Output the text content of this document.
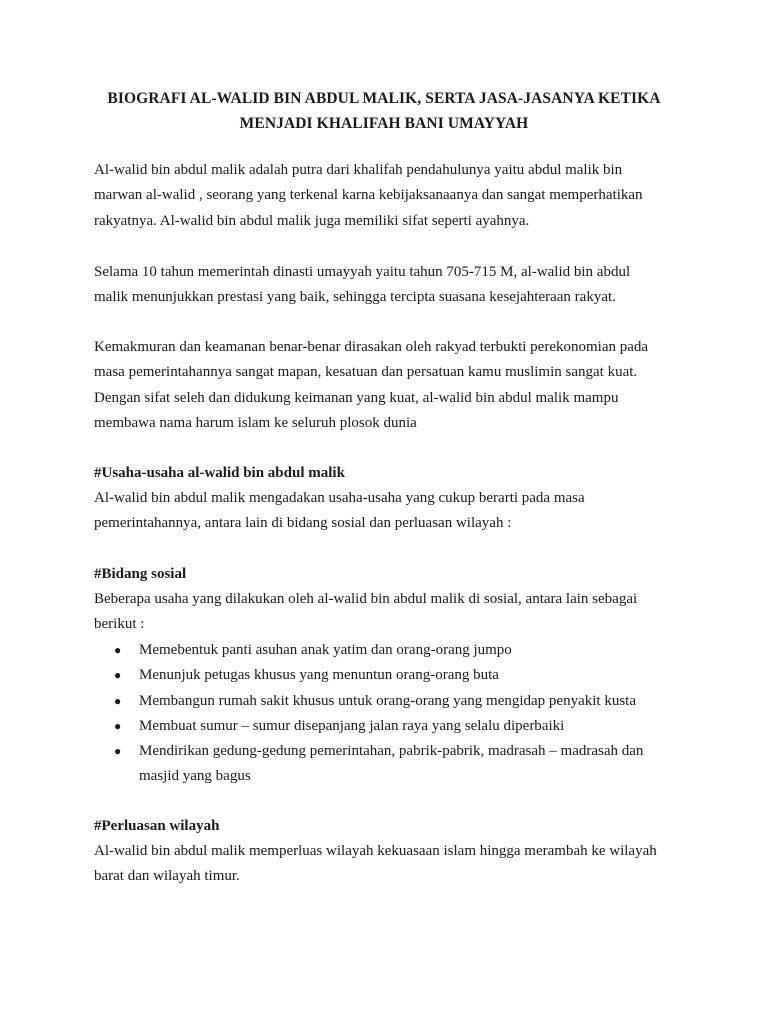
BIOGRAFI AL-WALID BIN ABDUL MALIK, SERTA JASA-JASANYA KETIKA
MENJADI KHALIFAH BANI UMAYYAH
Al-walid bin abdul malik adalah putra dari khalifah pendahulunya yaitu abdul malik bin
marwan al-walid , seorang yang terkenal karna kebijaksanaanya dan sangat memperhatikan
rakyatnya. Al-walid bin abdul malik juga memiliki sifat seperti ayahnya.
Selama 10 tahun memerintah dinasti umayyah yaitu tahun 705-715 M, al-walid bin abdul
malik menunjukkan prestasi yang baik, sehingga tercipta suasana kesejahteraan rakyat.
Kemakmuran dan keamanan benar-benar dirasakan oleh rakyad terbukti perekonomian pada
masa pemerintahannya sangat mapan, kesatuan dan persatuan kamu muslimin sangat kuat.
Dengan sifat seleh dan didukung keimanan yang kuat, al-walid bin abdul malik mampu
membawa nama harum islam ke seluruh plosok dunia
#Usaha-usaha al-walid bin abdul malik
Al-walid bin abdul malik mengadakan usaha-usaha yang cukup berarti pada masa
pemerintahannya, antara lain di bidang sosial dan perluasan wilayah :
#Bidang sosial
Beberapa usaha yang dilakukan oleh al-walid bin abdul malik di sosial, antara lain sebagai
berikut :
● Memebentuk panti asuhan anak yatim dan orang-orang jumpo
● Menunjuk petugas khusus yang menuntun orang-orang buta
● Membangun rumah sakit khusus untuk orang-orang yang mengidap penyakit kusta
● Membuat sumur – sumur disepanjang jalan raya yang selalu diperbaiki
● Mendirikan gedung-gedung pemerintahan, pabrik-pabrik, madrasah – madrasah dan
masjid yang bagus
#Perluasan wilayah
Al-walid bin abdul malik memperluas wilayah kekuasaan islam hingga merambah ke wilayah
barat dan wilayah timur.
